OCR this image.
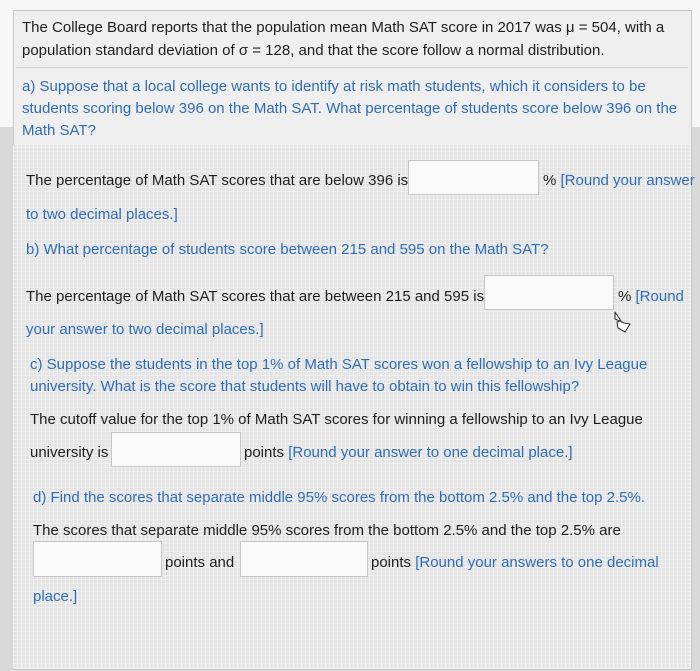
The College Board reports that the population mean Math SAT score in 2017 was μ = 504, with a
population standard deviation of σ = 128, and that the score follow a normal distribution.
a) Suppose that a local college wants to identify at risk math students, which it considers to be
students scoring below 396 on the Math SAT. What percentage of students score below 396 on the
Math SAT?
The percentage of Math SAT scores that are below 396 is	% [Round your answer
to two decimal places.]
b) What percentage of students score between 215 and 595 on the Math SAT?
The percentage of Math SAT scores that are between 215 and 595 is	% [Round
your answer to two decimal places.]
c) Suppose the students in the top 1% of Math SAT scores won a fellowship to an Ivy League
university. What is the score that students will have to obtain to win this fellowship?
The cutoff value for the top 1% of Math SAT scores for winning a fellowship to an Ivy League
university is	points [Round your answer to one decimal place.]
d) Find the scores that separate middle 95% scores from the bottom 2.5% and the top 2.5%.
The scores that separate middle 95% scores from the bottom 2.5% and the top 2.5% are
points and	points [Round your answers to one decimal
place.]
